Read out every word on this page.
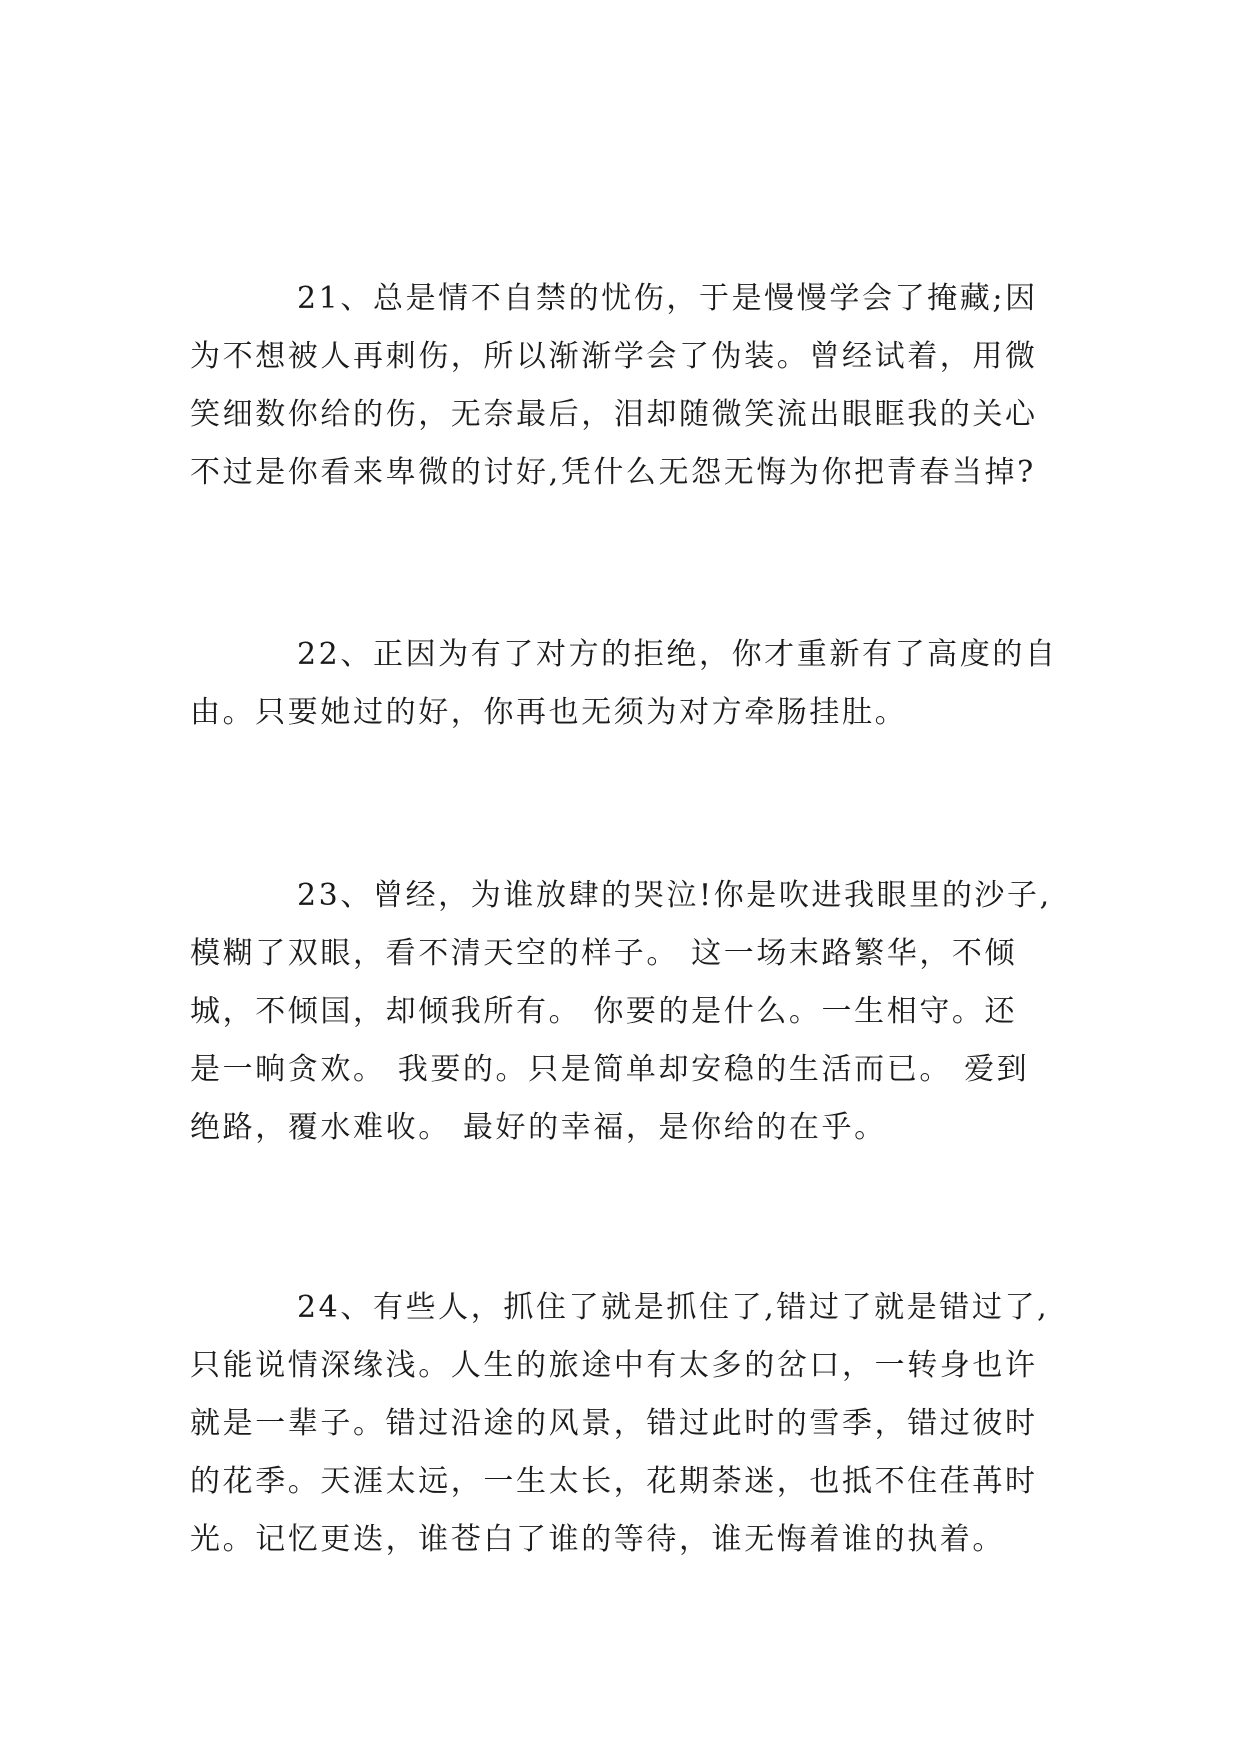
21、总是情不自禁的忧伤，于是慢慢学会了掩藏;因
为不想被人再刺伤，所以渐渐学会了伪装。曾经试着，用微
笑细数你给的伤，无奈最后，泪却随微笑流出眼眶我的关心
不过是你看来卑微的讨好,凭什么无怨无悔为你把青春当掉?
22、正因为有了对方的拒绝，你才重新有了高度的自
由。只要她过的好，你再也无须为对方牵肠挂肚。
23、曾经，为谁放肆的哭泣!你是吹进我眼里的沙子,
模糊了双眼，看不清天空的样子。 这一场末路繁华，不倾
城，不倾国，却倾我所有。 你要的是什么。一生相守。还
是一晌贪欢。 我要的。只是简单却安稳的生活而已。 爱到
绝路，覆水难收。 最好的幸福，是你给的在乎。
24、有些人，抓住了就是抓住了,错过了就是错过了,
只能说情深缘浅。人生的旅途中有太多的岔口，一转身也许
就是一辈子。错过沿途的风景，错过此时的雪季，错过彼时
的花季。天涯太远，一生太长，花期荼迷，也抵不住荏苒时
光。记忆更迭，谁苍白了谁的等待，谁无悔着谁的执着。
